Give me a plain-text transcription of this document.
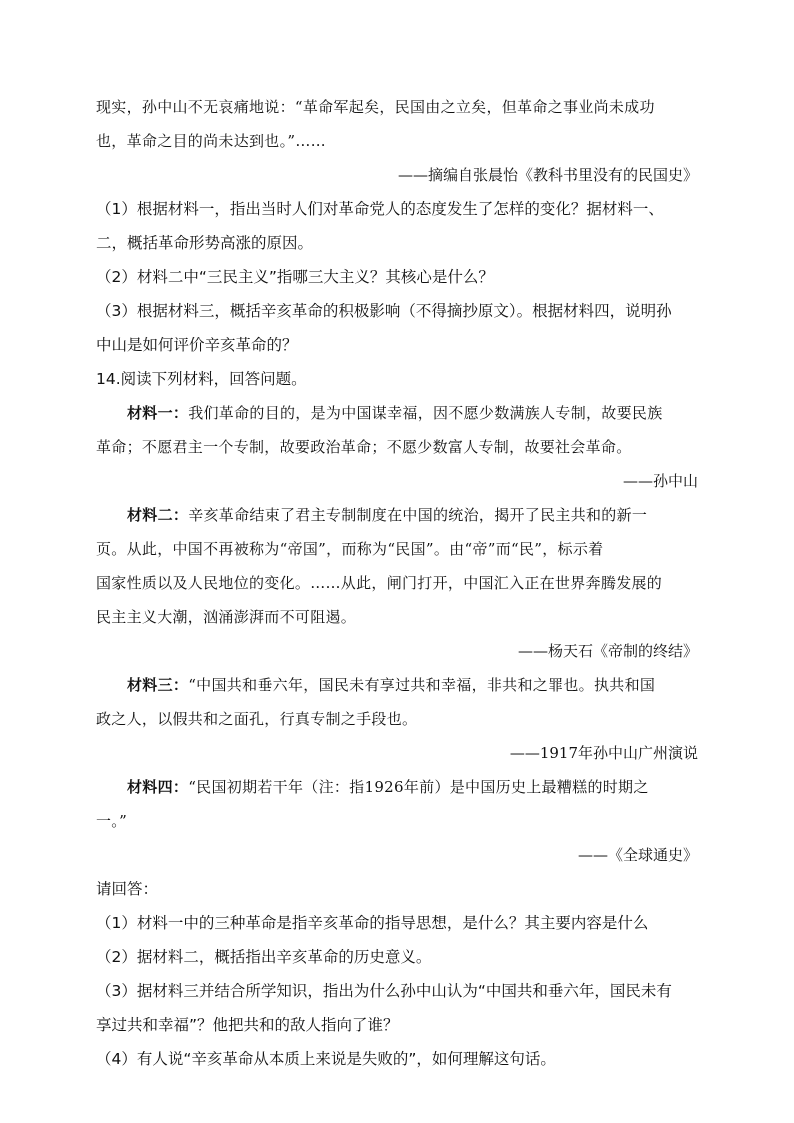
现实，孙中山不无哀痛地说：“革命军起矣，民国由之立矣，但革命之事业尚未成功
也，革命之目的尚未达到也。”……
——摘编自张晨怡《教科书里没有的民国史》
（1）根据材料一，指出当时人们对革命党人的态度发生了怎样的变化？据材料一、
二，概括革命形势高涨的原因。
（2）材料二中“三民主义”指哪三大主义？其核心是什么？
（3）根据材料三，概括辛亥革命的积极影响（不得摘抄原文）。根据材料四，说明孙
中山是如何评价辛亥革命的？
14.阅读下列材料，回答问题。
材料一：我们革命的目的，是为中国谋幸福，因不愿少数满族人专制，故要民族
革命；不愿君主一个专制，故要政治革命；不愿少数富人专制，故要社会革命。
——孙中山
材料二：辛亥革命结束了君主专制制度在中国的统治，揭开了民主共和的新一
页。从此，中国不再被称为“帝国”，而称为“民国”。由“帝”而“民”，标示着
国家性质以及人民地位的变化。……从此，闸门打开，中国汇入正在世界奔腾发展的
民主主义大潮，汹涌澎湃而不可阻遏。
——杨天石《帝制的终结》
材料三：“中国共和垂六年，国民未有享过共和幸福，非共和之罪也。执共和国
政之人，以假共和之面孔，行真专制之手段也。
——1917年孙中山广州演说
材料四：“民国初期若干年（注：指1926年前）是中国历史上最糟糕的时期之
一。”
——《全球通史》
请回答：
（1）材料一中的三种革命是指辛亥革命的指导思想，是什么？其主要内容是什么
（2）据材料二，概括指出辛亥革命的历史意义。
（3）据材料三并结合所学知识，指出为什么孙中山认为“中国共和垂六年，国民未有
享过共和幸福”？他把共和的敌人指向了谁？
（4）有人说“辛亥革命从本质上来说是失败的”，如何理解这句话。
